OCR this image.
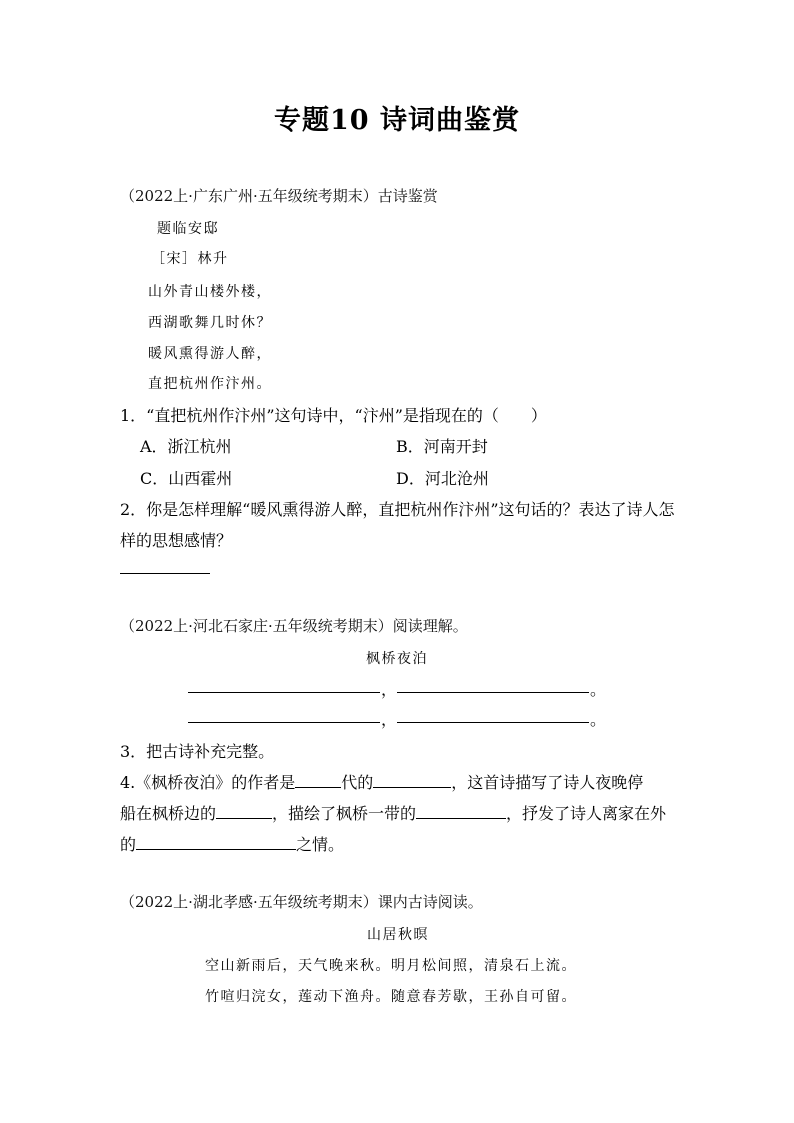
专题10 诗词曲鉴赏
（2022上·广东广州·五年级统考期末）古诗鉴赏
题临安邸
［宋］林升
山外青山楼外楼，
西湖歌舞几时休？
暖风熏得游人醉，
直把杭州作汴州。
1．“直把杭州作汴州”这句诗中，“汴州”是指现在的（　　）
A．浙江杭州	B．河南开封
C．山西霍州	D．河北沧州
2．你是怎样理解“暖风熏得游人醉，直把杭州作汴州”这句话的？表达了诗人怎
样的思想感情？
（2022上·河北石家庄·五年级统考期末）阅读理解。
枫桥夜泊
，	。
，	。
3．把古诗补充完整。
4.《枫桥夜泊》的作者是	代的	，这首诗描写了诗人夜晚停
船在枫桥边的	，描绘了枫桥一带的	，抒发了诗人离家在外
的	之情。
（2022上·湖北孝感·五年级统考期末）课内古诗阅读。
山居秋暝
空山新雨后，天气晚来秋。明月松间照，清泉石上流。
竹喧归浣女，莲动下渔舟。随意春芳歇，王孙自可留。
